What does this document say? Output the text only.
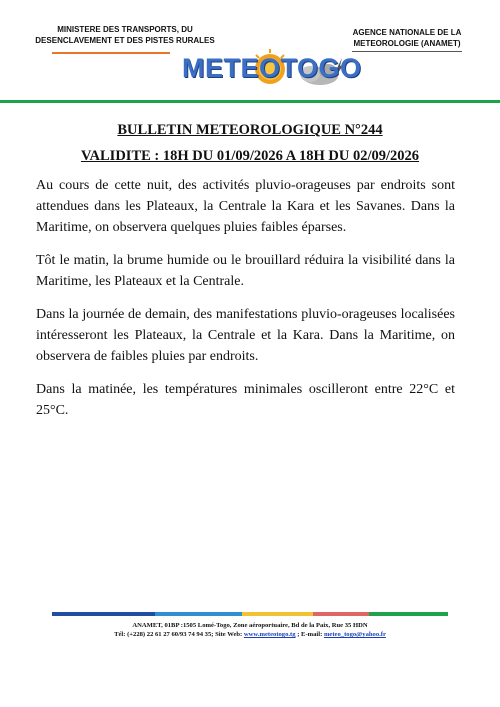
MINISTERE DES TRANSPORTS, DU
DESENCLAVEMENT ET DES PISTES RURALES
AGENCE NATIONALE DE LA
METEOROLOGIE (ANAMET)
METEOTOGO
BULLETIN METEOROLOGIQUE N°244
VALIDITE : 18H DU 01/09/2026 A 18H DU 02/09/2026

Au cours de cette nuit, des activités pluvio-orageuses par endroits sont attendues dans les Plateaux, la Centrale la Kara et les Savanes. Dans la Maritime, on observera quelques pluies faibles éparses.

Tôt le matin, la brume humide ou le brouillard réduira la visibilité dans la Maritime, les Plateaux et la Centrale.

Dans la journée de demain, des manifestations pluvio-orageuses localisées intéresseront les Plateaux, la Centrale et la Kara. Dans la Maritime, on observera de faibles pluies par endroits.

Dans la matinée, les températures minimales oscilleront entre 22°C et 25°C.

ANAMET, 01BP :1505 Lomé-Togo, Zone aéroportuaire, Bd de la Paix, Rue 35 HDN
Tél: (+228) 22 61 27 60/93 74 94 35; Site Web: www.meteotogo.tg ; E-mail: meteo_togo@yahoo.fr
